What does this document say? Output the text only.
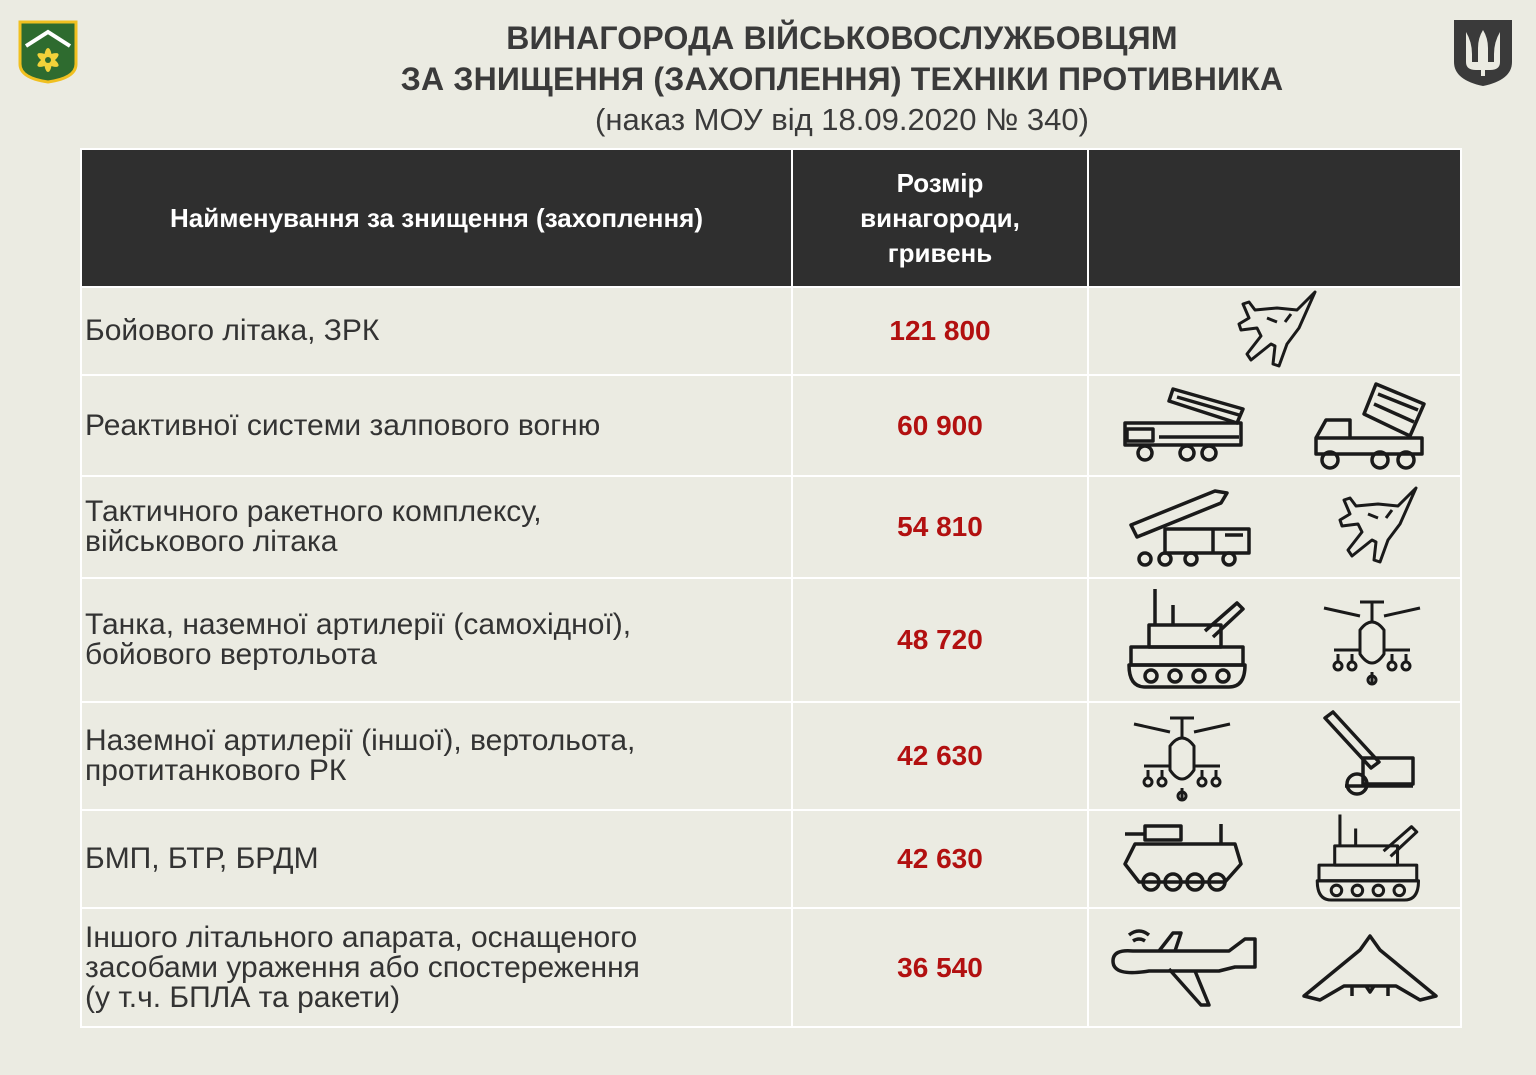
ВИНАГОРОДА ВІЙСЬКОВОСЛУЖБОВЦЯМ
ЗА ЗНИЩЕННЯ (ЗАХОПЛЕННЯ) ТЕХНІКИ ПРОТИВНИКА
(наказ МОУ від 18.09.2020 № 340)
Найменування за знищення (захоплення)	Розмір
винагороди,
гривень	
Бойового літака, ЗРК	121 800	

Реактивної системи залпового вогню	60 900	

Тактичного ракетного комплексу,
військового літака	54 810	

Танка, наземної артилерії (самохідної),
бойового вертольота	48 720	

Наземної артилерії (іншої), вертольота,
протитанкового РК	42 630	

БМП, БТР, БРДМ	42 630	

Іншого літального апарата, оснащеного
засобами ураження або спостереження
(у т.ч. БПЛА та ракети)	36 540	
